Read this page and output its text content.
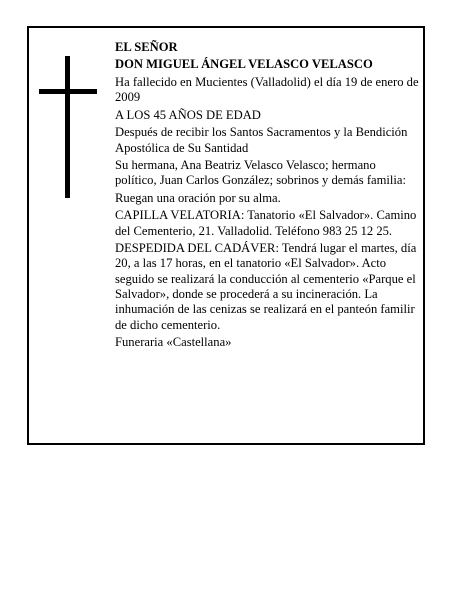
EL SEÑOR

DON MIGUEL ÁNGEL VELASCO VELASCO

Ha fallecido en Mucientes (Valladolid) el día 19 de enero de 2009

A LOS 45 AÑOS DE EDAD

Después de recibir los Santos Sacramentos y la Bendición Apostólica de Su Santidad

Su hermana, Ana Beatriz Velasco Velasco; hermano político, Juan Carlos González; sobrinos y demás familia:

Ruegan una oración por su alma.

CAPILLA VELATORIA: Tanatorio «El Salvador». Camino del Cementerio, 21. Valladolid. Teléfono 983 25 12 25.

DESPEDIDA DEL CADÁVER: Tendrá lugar el martes, día 20, a las 17 horas, en el tanatorio «El Salvador». Acto seguido se realizará la conducción al cementerio «Parque el Salvador», donde se procederá a su incineración. La inhumación de las cenizas se realizará en el panteón familir de dicho cementerio.

Funeraria «Castellana»
